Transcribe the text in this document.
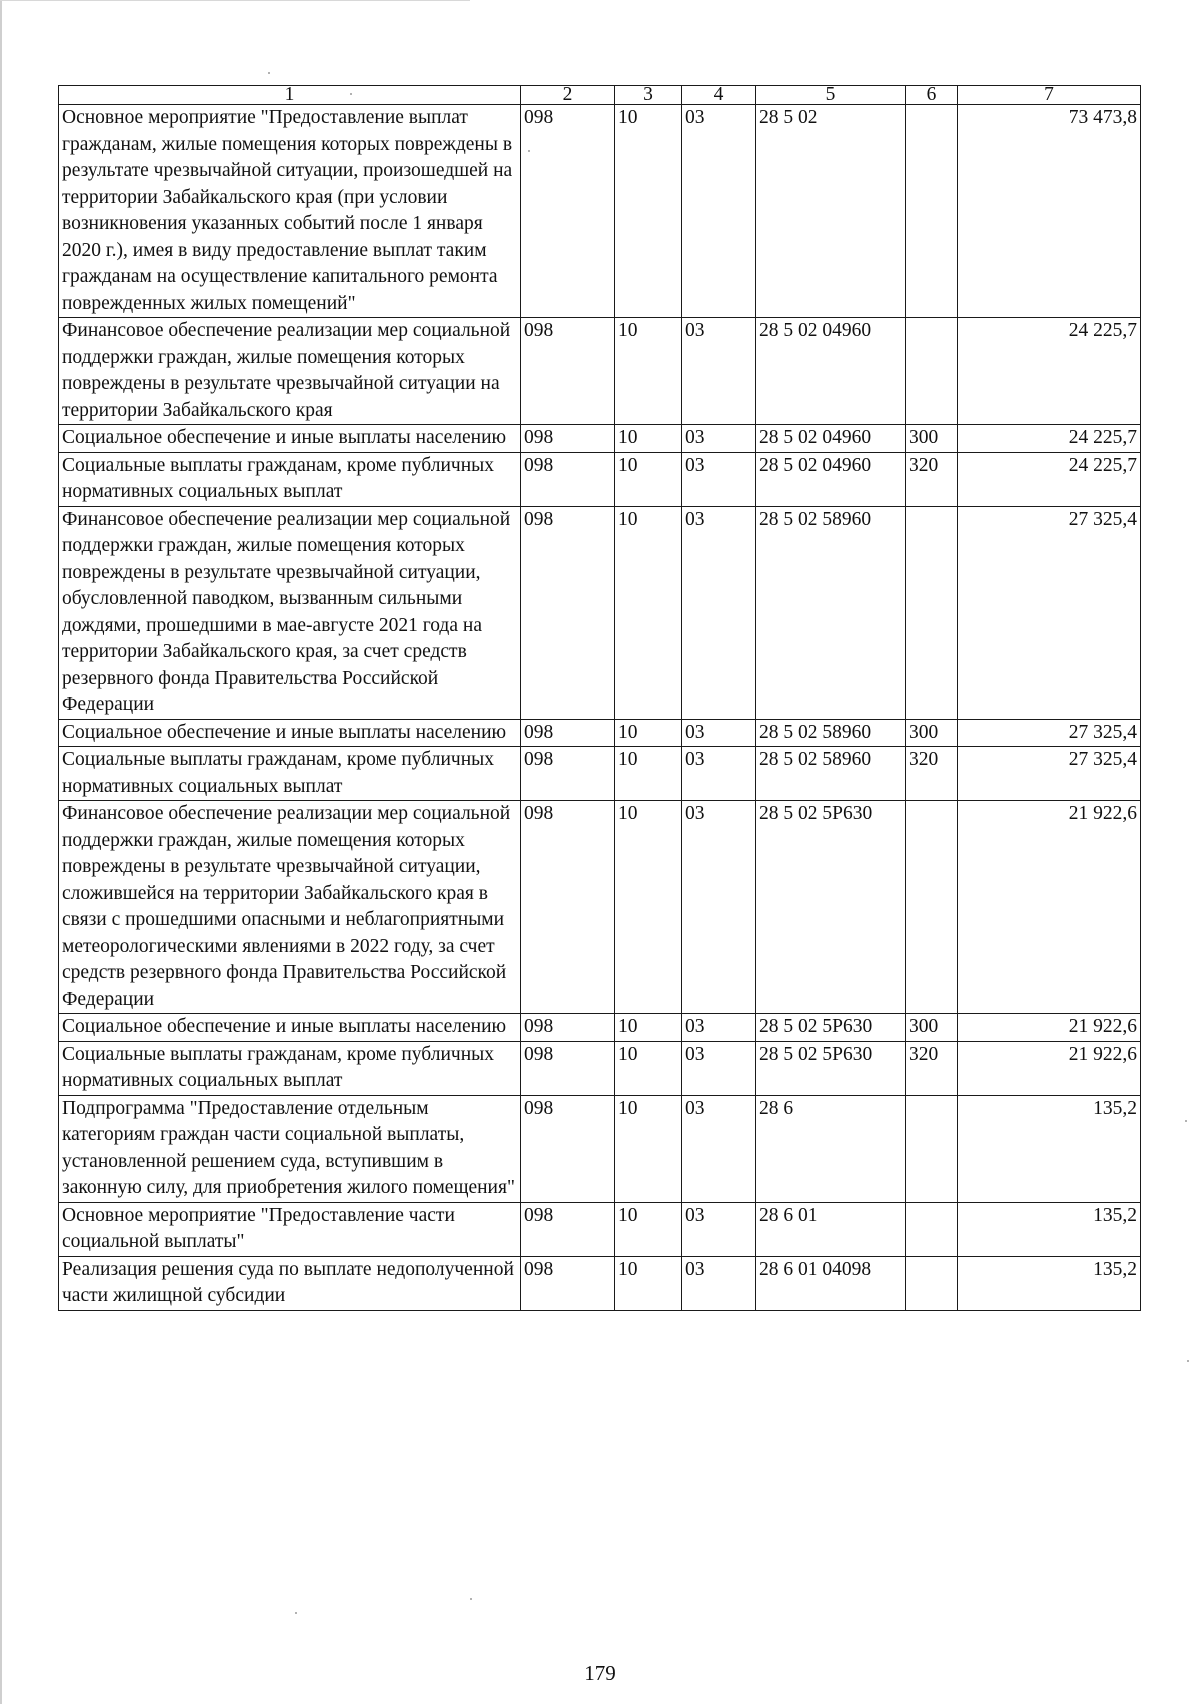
1	2	3	4	5	6	7
Основное мероприятие "Предоставление выплат гражданам, жилые помещения которых повреждены в результате чрезвычайной ситуации, произошедшей на территории Забайкальского края (при условии возникновения указанных событий после 1 января 2020 г.), имея в виду предоставление выплат таким гражданам на осуществление капитального ремонта поврежденных жилых помещений"	098	10	03	28 5 02		73 473,8
Финансовое обеспечение реализации мер социальной поддержки граждан, жилые помещения которых повреждены в результате чрезвычайной ситуации на территории Забайкальского края	098	10	03	28 5 02 04960		24 225,7
Социальное обеспечение и иные выплаты населению	098	10	03	28 5 02 04960	300	24 225,7
Социальные выплаты гражданам, кроме публичных нормативных социальных выплат	098	10	03	28 5 02 04960	320	24 225,7
Финансовое обеспечение реализации мер социальной поддержки граждан, жилые помещения которых повреждены в результате чрезвычайной ситуации, обусловленной паводком, вызванным сильными дождями, прошедшими в мае-августе 2021 года на территории Забайкальского края, за счет средств резервного фонда Правительства Российской Федерации	098	10	03	28 5 02 58960		27 325,4
Социальное обеспечение и иные выплаты населению	098	10	03	28 5 02 58960	300	27 325,4
Социальные выплаты гражданам, кроме публичных нормативных социальных выплат	098	10	03	28 5 02 58960	320	27 325,4
Финансовое обеспечение реализации мер социальной поддержки граждан, жилые помещения которых повреждены в результате чрезвычайной ситуации, сложившейся на территории Забайкальского края в связи с прошедшими опасными и неблагоприятными метеорологическими явлениями в 2022 году, за счет средств резервного фонда Правительства Российской Федерации	098	10	03	28 5 02 5Р630		21 922,6
Социальное обеспечение и иные выплаты населению	098	10	03	28 5 02 5Р630	300	21 922,6
Социальные выплаты гражданам, кроме публичных нормативных социальных выплат	098	10	03	28 5 02 5Р630	320	21 922,6
Подпрограмма "Предоставление отдельным категориям граждан части социальной выплаты, установленной решением суда, вступившим в законную силу, для приобретения жилого помещения"	098	10	03	28 6		135,2
Основное мероприятие "Предоставление части социальной выплаты"	098	10	03	28 6 01		135,2
Реализация решения суда по выплате недополученной части жилищной субсидии	098	10	03	28 6 01 04098		135,2
179
